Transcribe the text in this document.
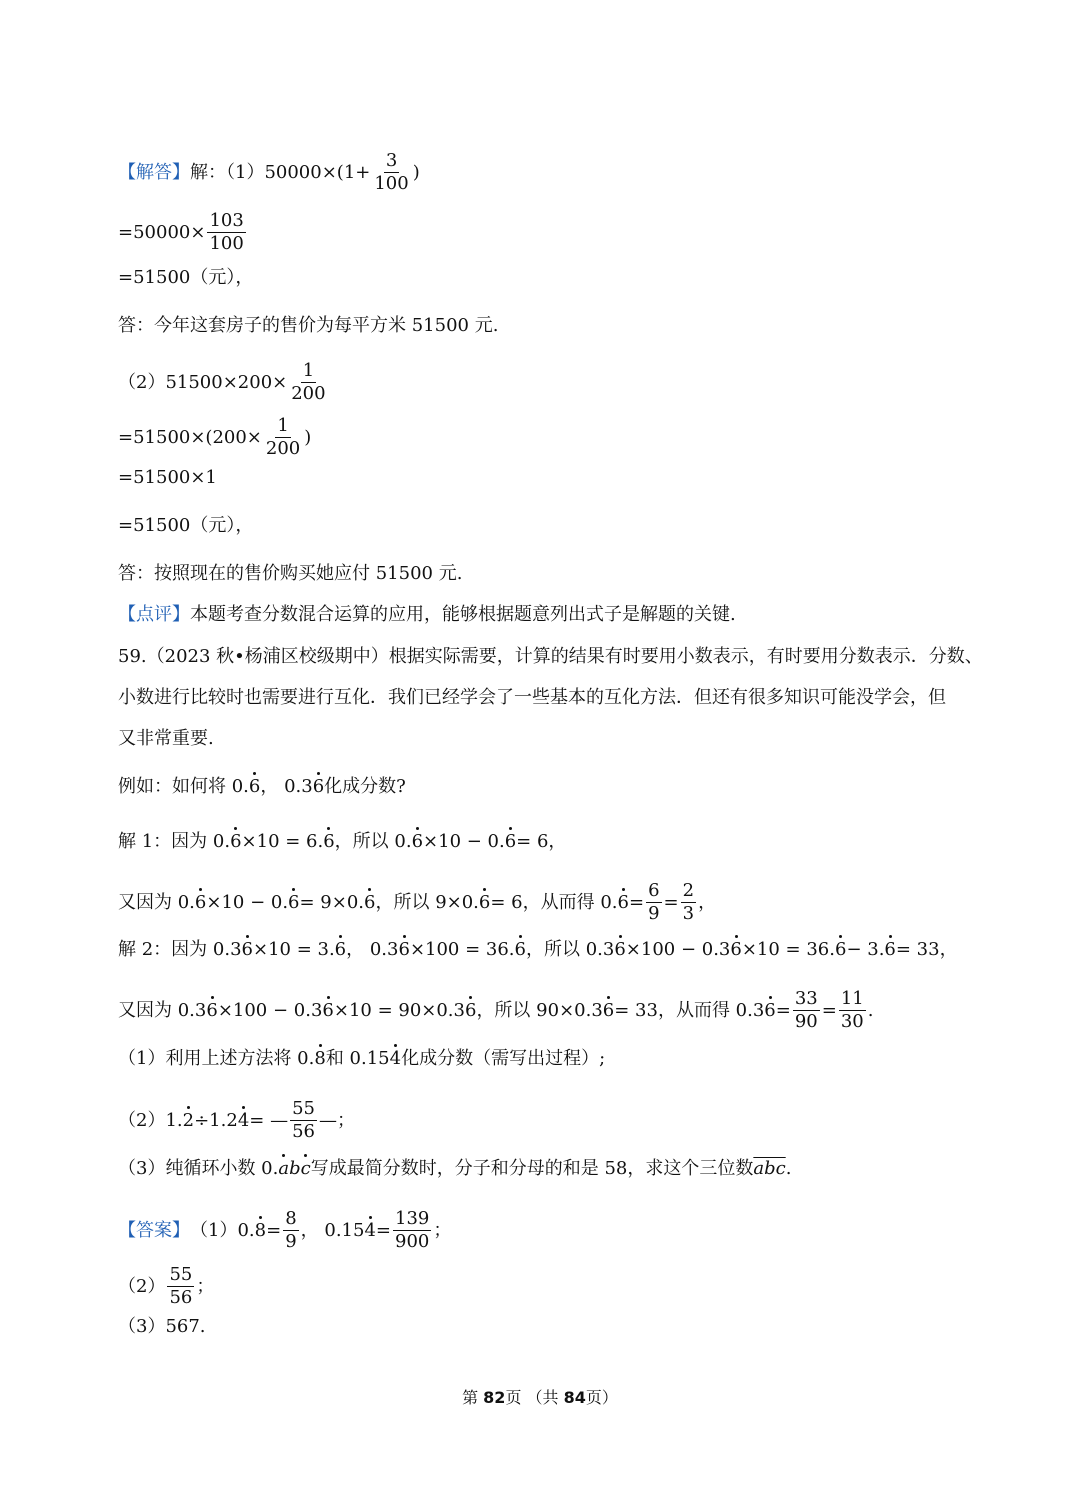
【解答】 解：$(1)50000\times(1+ \frac{3}{100}$ )
$=50000\times \frac{103}{100}$
=51500（元），
答：今年这套房子的售价为每平方米 51500 元.
$(2)51500\times 200\times \frac{1}{200}$
$=51500\times(200\times \frac{1}{200}$ )
=51500×1
=51500（元），
答：按照现在的售价购买她应付 51500 元.
【点评】 本题考查分数混合运算的应用，能够根据题意列出式子是解题的关键.
59.（2023 秋•杨浦区校级期中）根据实际需要，计算的结果有时要用小数表示，有时要用分数表示．分数、
小数进行比较时也需要进行互化．我们已经学会了一些基本的互化方法．但还有很多知识可能没学会，但
又非常重要.
例如：如何将 0. 6 ， 0.3 6 化成分数?
解 1：因为 0. 6 ×10 = 6. 6 ，所以 0. 6 ×10 − 0. 6 = 6，
又因为 0. 6 ×10 − 0. 6 = 9×0. 6 ，所以 9×0. 6 = 6，从而得 0. $6 = \frac{6}{9} = \frac{2}{3}$ ，
解 2：因为 0.3 6 ×10 = 3. 6 ， 0.3 6 ×100 = 36. 6 ，所以 0.3 6 ×100 − 0.3 6 ×10 = 36. 6 − 3. 6 = 33，
又因为 0.3 6 ×100 − 0.3 6 ×10 = 90×0.3 6 ，所以 90×0.3 6 = 33，从而得 0.3 $6 = \frac{33}{90} = \frac{11}{30}$ .
（1）利用上述方法将 0. 8 和 0.15 4 化成分数（需写出过程）;
（2）1. 2 ÷1.2 4 = — $\frac{55}{56}$ —；
（3）纯循环小数 0. a b c 写成最简分数时，分子和分母的和是 58，求这个三位数 $\overline{abc}$ .
【答案】 （1）0. $8 = \frac{8}{9}$ ， 0.15 $4 = \frac{139}{900}$ ；
$(2) \frac{55}{56}$ ；
（3）567.
第 82页 （共 84页）
